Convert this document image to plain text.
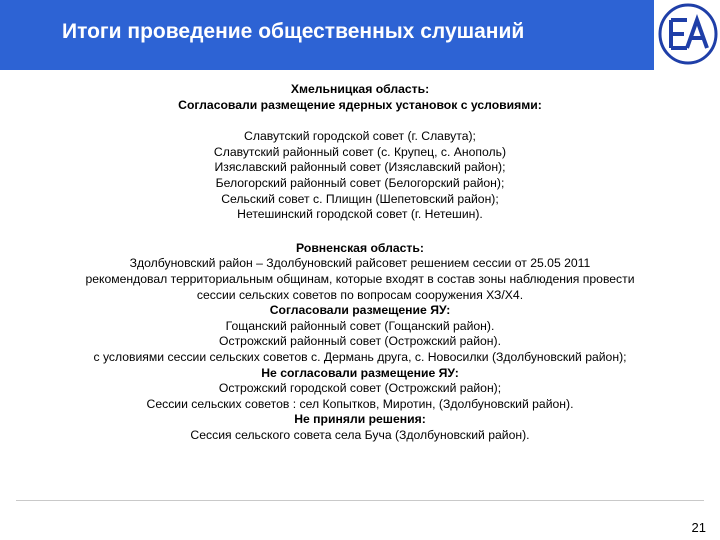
Итоги проведение общественных слушаний
Хмельницкая область:
Согласовали размещение ядерных установок с условиями:
Славутский городской совет (г. Славута);
Славутский районный совет (с. Крупец, с. Анополь)
Изяславский районный совет (Изяславский район);
Белогорский районный совет (Белогорский район);
Сельский совет с. Плищин (Шепетовский район);
Нетешинский городской совет (г. Нетешин).
Ровненская область:
Здолбуновский район – Здолбуновский райсовет решением сессии от 25.05 2011
рекомендовал территориальным общинам, которые входят в состав зоны наблюдения провести
сессии сельских советов по вопросам сооружения ХЗ/Х4.
Согласовали размещение ЯУ:
Гощанский районный совет (Гощанский район).
Острожский районный совет (Острожский район).
с условиями сессии сельских советов с. Дермань друга, с. Новосилки (Здолбуновский район);
Не согласовали размещение ЯУ:
Острожский городской совет (Острожский район);
Сессии сельских советов : сел Копытков, Миротин, (Здолбуновский район).
Не приняли решения:
Сессия сельского совета села Буча (Здолбуновский район).
21
